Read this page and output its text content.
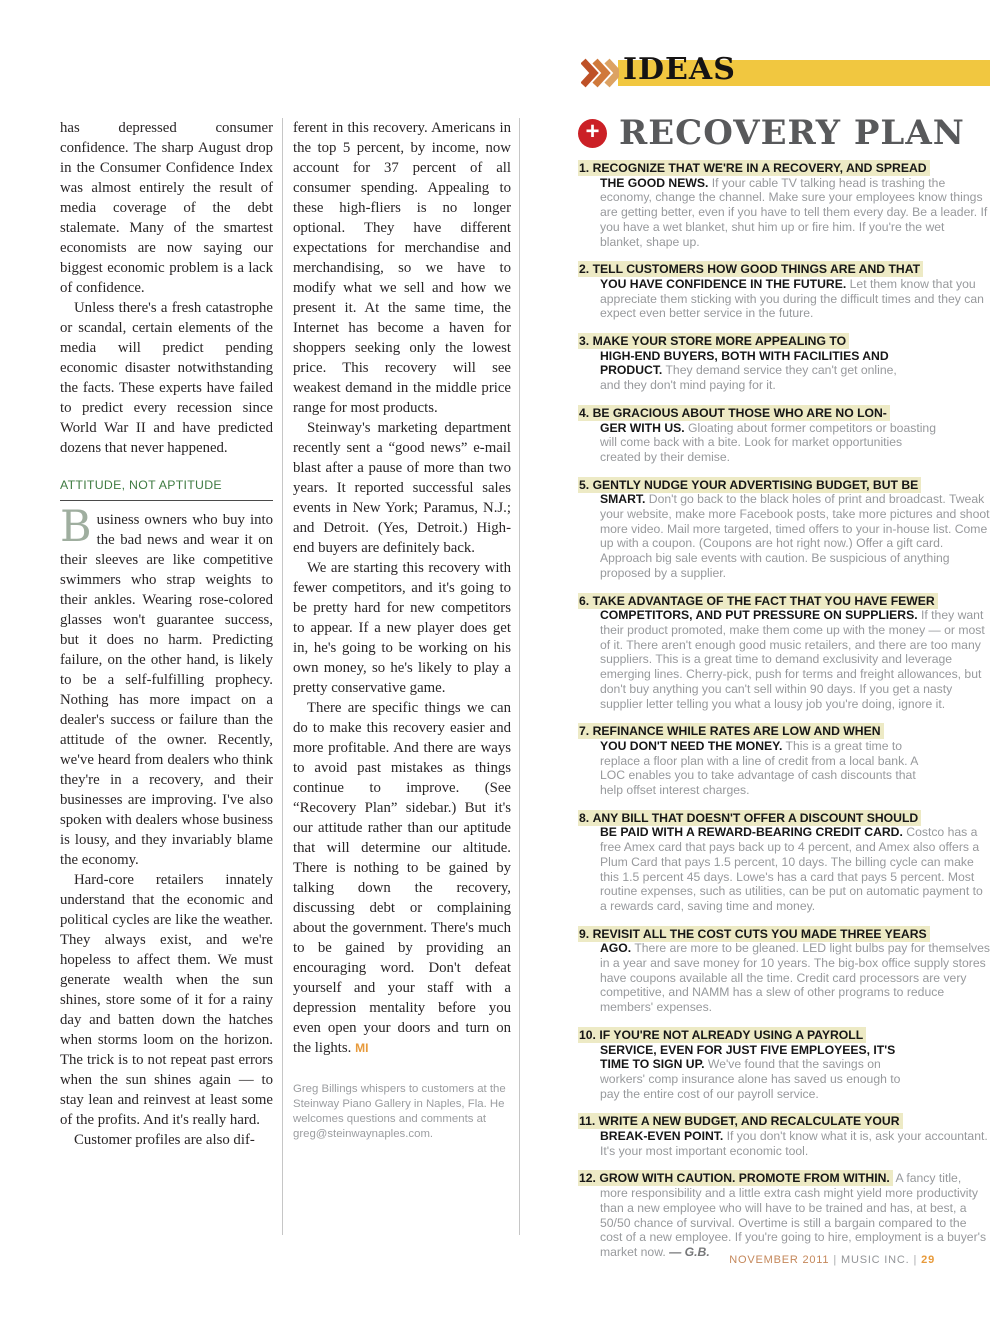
IDEAS
+ RECOVERY PLAN

1. RECOGNIZE THAT WE'RE IN A RECOVERY, AND SPREAD
THE GOOD NEWS. If your cable TV talking head is trashing the economy, change the channel. Make sure your employees know things are getting better, even if you have to tell them every day. Be a leader. If you have a wet blanket, shut him up or fire him. If you're the wet blanket, shape up.

2. TELL CUSTOMERS HOW GOOD THINGS ARE AND THAT
YOU HAVE CONFIDENCE IN THE FUTURE. Let them know that you appreciate them sticking with you during the difficult times and they can expect even better service in the future.

3. MAKE YOUR STORE MORE APPEALING TO
HIGH-END BUYERS, BOTH WITH FACILITIES AND PRODUCT. They demand service they can't get online, and they don't mind paying for it.

4. BE GRACIOUS ABOUT THOSE WHO ARE NO LON-
GER WITH US. Gloating about former competitors or boasting will come back with a bite. Look for market opportunities created by their demise.

5. GENTLY NUDGE YOUR ADVERTISING BUDGET, BUT BE
SMART. Don't go back to the black holes of print and broadcast. Tweak your website, make more Facebook posts, take more pictures and shoot more video. Mail more targeted, timed offers to your in-house list. Come up with a coupon. (Coupons are hot right now.) Offer a gift card. Approach big sale events with caution. Be suspicious of anything proposed by a supplier.

6. TAKE ADVANTAGE OF THE FACT THAT YOU HAVE FEWER
COMPETITORS, AND PUT PRESSURE ON SUPPLIERS. If they want their product promoted, make them come up with the money — or most of it. There aren't enough good music retailers, and there are too many suppliers. This is a great time to demand exclusivity and leverage emerging lines. Cherry-pick, push for terms and freight allowances, but don't buy anything you can't sell within 90 days. If you get a nasty supplier letter telling you what a lousy job you're doing, ignore it.

7. REFINANCE WHILE RATES ARE LOW AND WHEN
YOU DON'T NEED THE MONEY. This is a great time to replace a floor plan with a line of credit from a local bank. A LOC enables you to take advantage of cash discounts that help offset interest charges.

8. ANY BILL THAT DOESN'T OFFER A DISCOUNT SHOULD
BE PAID WITH A REWARD-BEARING CREDIT CARD. Costco has a free Amex card that pays back up to 4 percent, and Amex also offers a Plum Card that pays 1.5 percent, 10 days. The billing cycle can make this 1.5 percent 45 days. Lowe's has a card that pays 5 percent. Most routine expenses, such as utilities, can be put on automatic payment to a rewards card, saving time and money.

9. REVISIT ALL THE COST CUTS YOU MADE THREE YEARS
AGO. There are more to be gleaned. LED light bulbs pay for themselves in a year and save money for 10 years. The big-box office supply stores have coupons available all the time. Credit card processors are very competitive, and NAMM has a slew of other programs to reduce members' expenses.

10. IF YOU'RE NOT ALREADY USING A PAYROLL
SERVICE, EVEN FOR JUST FIVE EMPLOYEES, IT'S TIME TO SIGN UP. We've found that the savings on workers' comp insurance alone has saved us enough to pay the entire cost of our payroll service.

11. WRITE A NEW BUDGET, AND RECALCULATE YOUR
BREAK-EVEN POINT. If you don't know what it is, ask your accountant. It's your most important economic tool.

12. GROW WITH CAUTION. PROMOTE FROM WITHIN. A fancy title, more responsibility and a little extra cash might yield more productivity than a new employee who will have to be trained and has, at best, a 50/50 chance of survival. Overtime is still a bargain compared to the cost of a new employee. If you're going to hire, employment is a buyer's market now. — G.B.

has depressed consumer confidence. The sharp August drop in the Consumer Confidence Index was almost entirely the result of media coverage of the debt stalemate. Many of the smartest economists are now saying our biggest economic problem is a lack of confidence.

Unless there's a fresh catastrophe or scandal, certain elements of the media will predict pending economic disaster notwithstanding the facts. These experts have failed to predict every recession since World War II and have predicted dozens that never happened.

ATTITUDE, NOT APTITUDE

Business owners who buy into the bad news and wear it on their sleeves are like competitive swimmers who strap weights to their ankles. Wearing rose-colored glasses won't guarantee success, but it does no harm. Predicting failure, on the other hand, is likely to be a self-fulfilling prophecy. Nothing has more impact on a dealer's success or failure than the attitude of the owner. Recently, we've heard from dealers who think they're in a recovery, and their businesses are improving. I've also spoken with dealers whose business is lousy, and they invariably blame the economy.

Hard-core retailers innately understand that the economic and political cycles are like the weather. They always exist, and we're hopeless to affect them. We must generate wealth when the sun shines, store some of it for a rainy day and batten down the hatches when storms loom on the horizon. The trick is to not repeat past errors when the sun shines again — to stay lean and reinvest at least some of the profits. And it's really hard.

Customer profiles are also dif-

ferent in this recovery. Americans in the top 5 percent, by income, now account for 37 percent of all consumer spending. Appealing to these high-fliers is no longer optional. They have different expectations for merchandise and merchandising, so we have to modify what we sell and how we present it. At the same time, the Internet has become a haven for shoppers seeking only the lowest price. This recovery will see weakest demand in the middle price range for most products.

Steinway's marketing department recently sent a “good news” e-mail blast after a pause of more than two years. It reported successful sales events in New York; Paramus, N.J.; and Detroit. (Yes, Detroit.) High-end buyers are definitely back.

We are starting this recovery with fewer competitors, and it's going to be pretty hard for new competitors to appear. If a new player does get in, he's going to be working on his own money, so he's likely to play a pretty conservative game.

There are specific things we can do to make this recovery easier and more profitable. And there are ways to avoid past mistakes as things continue to improve. (See “Recovery Plan” sidebar.) But it's our attitude rather than our aptitude that will determine our altitude. There is nothing to be gained by talking down the recovery, discussing debt or complaining about the government. There's much to be gained by providing an encouraging word. Don't defeat yourself and your staff with a depression mentality before you even open your doors and turn on the lights. MI

Greg Billings whispers to customers at the Steinway Piano Gallery in Naples, Fla. He welcomes questions and comments at greg@steinwaynaples.com.

NOVEMBER 2011 | MUSIC INC. | 29
